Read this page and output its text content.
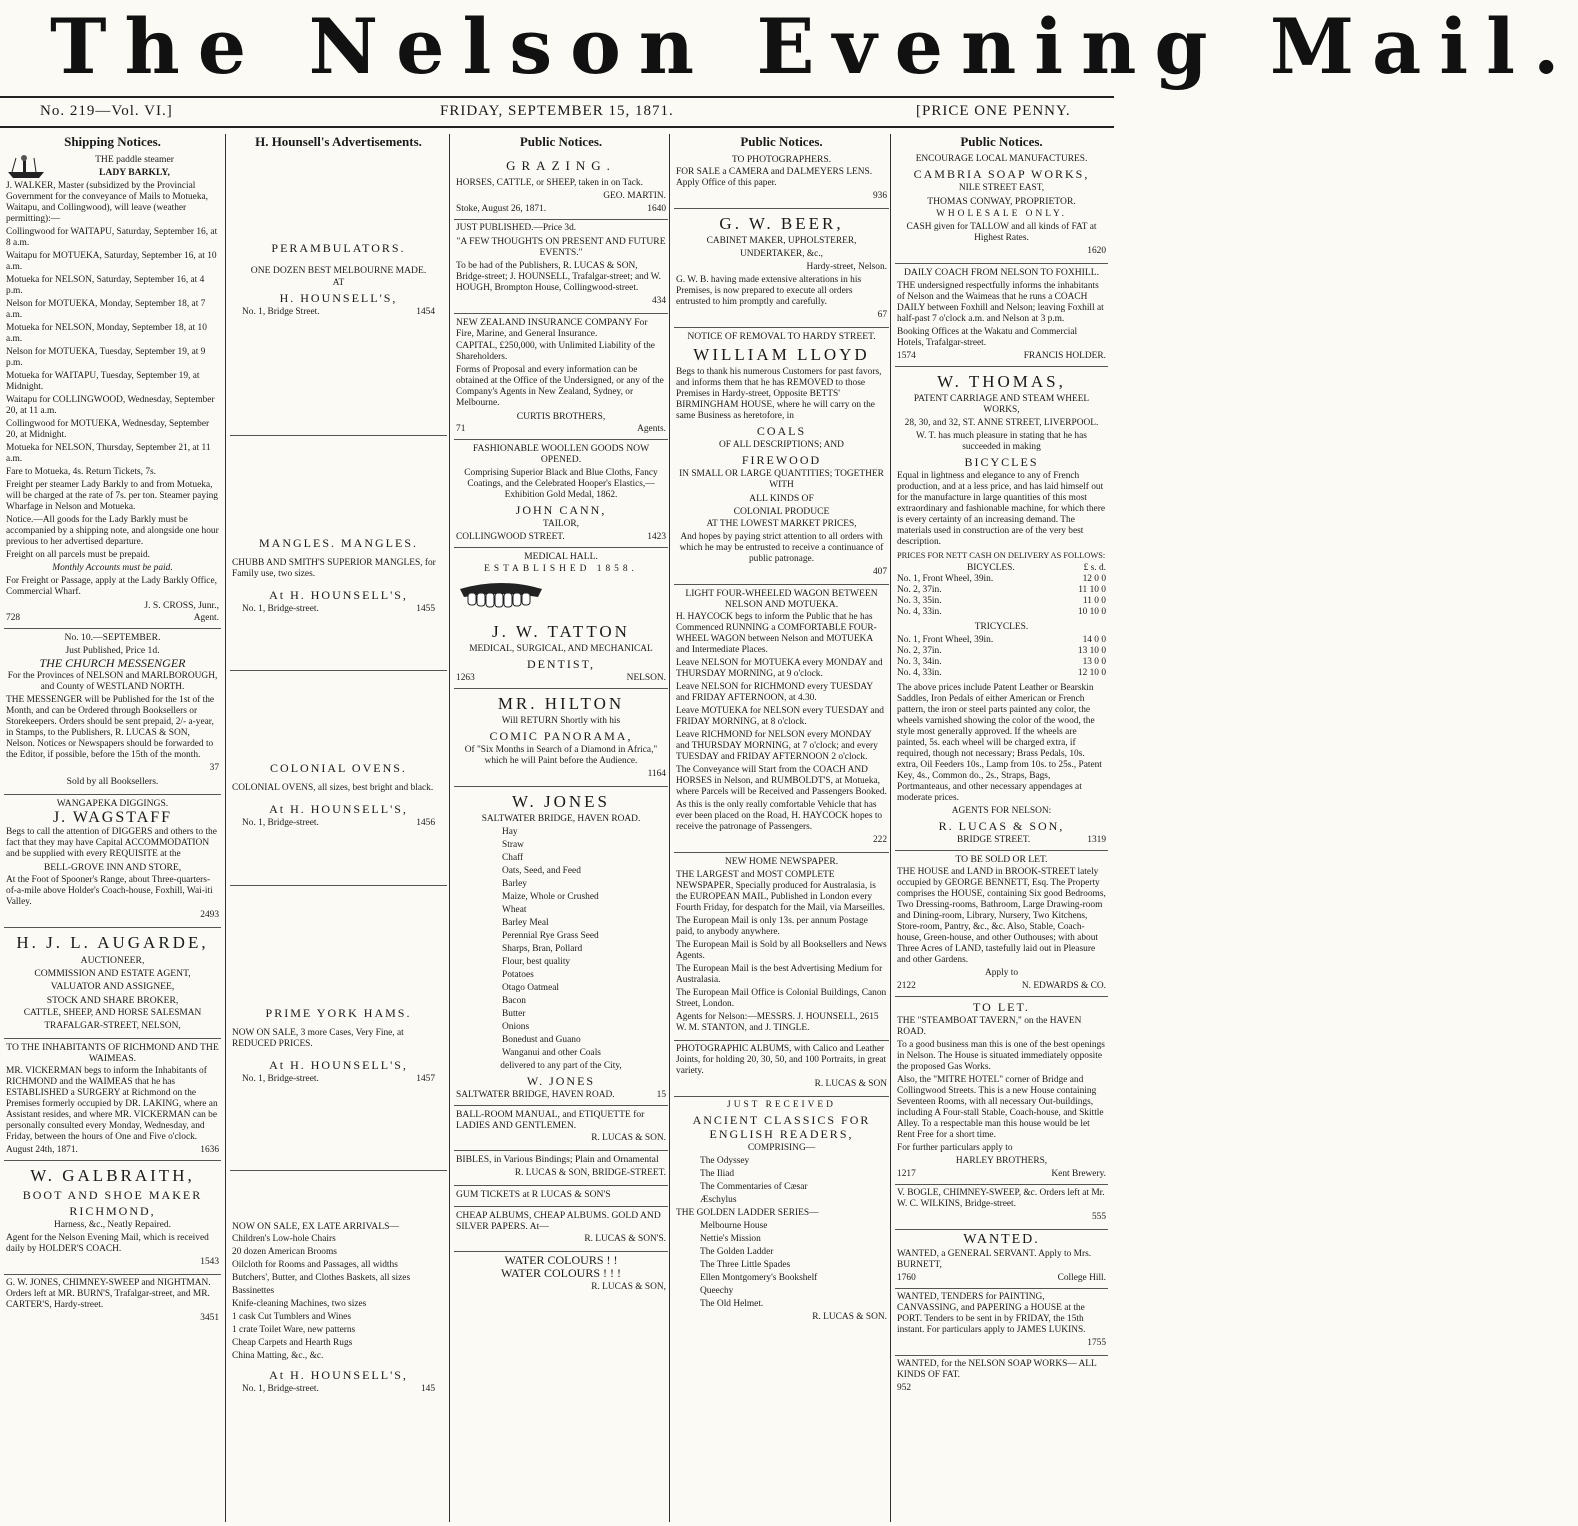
The Nelson Evening Mail.
No. 219—Vol. VI.]	FRIDAY, SEPTEMBER 15, 1871.	[PRICE ONE PENNY.
Shipping Notices.

THE paddle steamer

LADY BARKLY,

J. WALKER, Master (subsidized by the Provincial Government for the conveyance of Mails to Motueka, Waitapu, and Collingwood), will leave (weather permitting):—

Collingwood for WAITAPU, Saturday, September 16, at 8 a.m.

Waitapu for MOTUEKA, Saturday, September 16, at 10 a.m.

Motueka for NELSON, Saturday, September 16, at 4 p.m.

Nelson for MOTUEKA, Monday, September 18, at 7 a.m.

Motueka for NELSON, Monday, September 18, at 10 a.m.

Nelson for MOTUEKA, Tuesday, September 19, at 9 p.m.

Motueka for WAITAPU, Tuesday, September 19, at Midnight.

Waitapu for COLLINGWOOD, Wednesday, September 20, at 11 a.m.

Collingwood for MOTUEKA, Wednesday, September 20, at Midnight.

Motueka for NELSON, Thursday, September 21, at 11 a.m.

Fare to Motueka, 4s. Return Tickets, 7s.

Freight per steamer Lady Barkly to and from Motueka, will be charged at the rate of 7s. per ton. Steamer paying Wharfage in Nelson and Motueka.

Notice.—All goods for the Lady Barkly must be accompanied by a shipping note, and alongside one hour previous to her advertised departure.

Freight on all parcels must be prepaid.

Monthly Accounts must be paid.

For Freight or Passage, apply at the Lady Barkly Office, Commercial Wharf.

J. S. CROSS, Junr.,

728	Agent.

No. 10.—SEPTEMBER.

Just Published, Price 1d.

THE CHURCH MESSENGER

For the Provinces of NELSON and MARLBOROUGH, and County of WESTLAND NORTH.

THE MESSENGER will be Published for the 1st of the Month, and can be Ordered through Booksellers or Storekeepers. Orders should be sent prepaid, 2/- a-year, in Stamps, to the Publishers, R. LUCAS & SON, Nelson. Notices or Newspapers should be forwarded to the Editor, if possible, before the 15th of the month.

37

Sold by all Booksellers.

WANGAPEKA DIGGINGS.

J. WAGSTAFF

Begs to call the attention of DIGGERS and others to the fact that they may have Capital ACCOMMODATION and be supplied with every REQUISITE at the

BELL-GROVE INN AND STORE,

At the Foot of Spooner's Range, about Three-quarters-of-a-mile above Holder's Coach-house, Foxhill, Wai-iti Valley.

2493

H. J. L. AUGARDE,

AUCTIONEER,

COMMISSION AND ESTATE AGENT,

VALUATOR AND ASSIGNEE,

STOCK AND SHARE BROKER,

CATTLE, SHEEP, AND HORSE SALESMAN

TRAFALGAR-STREET, NELSON,

TO THE INHABITANTS OF RICHMOND AND THE WAIMEAS.

MR. VICKERMAN begs to inform the Inhabitants of RICHMOND and the WAIMEAS that he has ESTABLISHED a SURGERY at Richmond on the Premises formerly occupied by DR. LAKING, where an Assistant resides, and where MR. VICKERMAN can be personally consulted every Monday, Wednesday, and Friday, between the hours of One and Five o'clock.

August 24th, 1871.	1636

W. GALBRAITH,

BOOT AND SHOE MAKER

RICHMOND,

Harness, &c., Neatly Repaired.

Agent for the Nelson Evening Mail, which is received daily by HOLDER'S COACH.

1543

G. W. JONES, CHIMNEY-SWEEP and NIGHTMAN. Orders left at MR. BURN'S, Trafalgar-street, and MR. CARTER'S, Hardy-street.

3451

H. Hounsell's Advertisements.

PERAMBULATORS.

ONE DOZEN BEST MELBOURNE MADE.

AT

H. HOUNSELL'S,

No. 1, Bridge Street.	1454

MANGLES. MANGLES.

CHUBB AND SMITH'S SUPERIOR MANGLES, for Family use, two sizes.

At H. HOUNSELL'S,

No. 1, Bridge-street.	1455

COLONIAL OVENS.

COLONIAL OVENS, all sizes, best bright and black.

At H. HOUNSELL'S,

No. 1, Bridge-street.	1456

PRIME YORK HAMS.

NOW ON SALE, 3 more Cases, Very Fine, at REDUCED PRICES.

At H. HOUNSELL'S,

No. 1, Bridge-street.	1457

NOW ON SALE, EX LATE ARRIVALS—

Children's Low-hole Chairs

20 dozen American Brooms

Oilcloth for Rooms and Passages, all widths

Butchers', Butter, and Clothes Baskets, all sizes

Bassinettes

Knife-cleaning Machines, two sizes

1 cask Cut Tumblers and Wines

1 crate Toilet Ware, new patterns

Cheap Carpets and Hearth Rugs

China Matting, &c., &c.

At H. HOUNSELL'S,

No. 1, Bridge-street.	145
Public Notices.

GRAZING.

HORSES, CATTLE, or SHEEP, taken in on Tack.

GEO. MARTIN.

Stoke, August 26, 1871.	1640

JUST PUBLISHED.—Price 3d.

"A FEW THOUGHTS ON PRESENT AND FUTURE EVENTS."

To be had of the Publishers, R. LUCAS & SON, Bridge-street; J. HOUNSELL, Trafalgar-street; and W. HOUGH, Brompton House, Collingwood-street.

434

NEW ZEALAND INSURANCE COMPANY For Fire, Marine, and General Insurance.

CAPITAL, £250,000, with Unlimited Liability of the Shareholders.

Forms of Proposal and every information can be obtained at the Office of the Undersigned, or any of the Company's Agents in New Zealand, Sydney, or Melbourne.

CURTIS BROTHERS,

71	Agents.

FASHIONABLE WOOLLEN GOODS NOW OPENED.

Comprising Superior Black and Blue Cloths, Fancy Coatings, and the Celebrated Hooper's Elastics,—Exhibition Gold Medal, 1862.

JOHN CANN,

TAILOR,

COLLINGWOOD STREET.	1423

MEDICAL HALL.

ESTABLISHED 1858.

J. W. TATTON

MEDICAL, SURGICAL, AND MECHANICAL

DENTIST,

1263	NELSON.

MR. HILTON

Will RETURN Shortly with his

COMIC PANORAMA,

Of "Six Months in Search of a Diamond in Africa," which he will Paint before the Audience.

1164

W. JONES

SALTWATER BRIDGE, HAVEN ROAD.

Hay

Straw

Chaff

Oats, Seed, and Feed

Barley

Maize, Whole or Crushed

Wheat

Barley Meal

Perennial Rye Grass Seed

Sharps, Bran, Pollard

Flour, best quality

Potatoes

Otago Oatmeal

Bacon

Butter

Onions

Bonedust and Guano

Wanganui and other Coals

delivered to any part of the City,

W. JONES

SALTWATER BRIDGE, HAVEN ROAD.	15

BALL-ROOM MANUAL, and ETIQUETTE for LADIES AND GENTLEMEN.

R. LUCAS & SON.

BIBLES, in Various Bindings; Plain and Ornamental

R. LUCAS & SON, BRIDGE-STREET.

GUM TICKETS at R LUCAS & SON'S

CHEAP ALBUMS, CHEAP ALBUMS. GOLD AND SILVER PAPERS. At—

R. LUCAS & SON'S.

WATER COLOURS ! !

WATER COLOURS ! ! !

R. LUCAS & SON,

Public Notices.

TO PHOTOGRAPHERS.

FOR SALE a CAMERA and DALMEYERS LENS. Apply Office of this paper.

936

G. W. BEER,

CABINET MAKER, UPHOLSTERER,

UNDERTAKER, &c.,

Hardy-street, Nelson.

G. W. B. having made extensive alterations in his Premises, is now prepared to execute all orders entrusted to him promptly and carefully.

67

NOTICE OF REMOVAL TO HARDY STREET.

WILLIAM LLOYD

Begs to thank his numerous Customers for past favors, and informs them that he has REMOVED to those Premises in Hardy-street, Opposite BETTS' BIRMINGHAM HOUSE, where he will carry on the same Business as heretofore, in

COALS

OF ALL DESCRIPTIONS; AND

FIREWOOD

IN SMALL OR LARGE QUANTITIES; TOGETHER WITH

ALL KINDS OF

COLONIAL PRODUCE

AT THE LOWEST MARKET PRICES,

And hopes by paying strict attention to all orders with which he may be entrusted to receive a continuance of public patronage.

407

LIGHT FOUR-WHEELED WAGON BETWEEN NELSON AND MOTUEKA.

H. HAYCOCK begs to inform the Public that he has Commenced RUNNING a COMFORTABLE FOUR-WHEEL WAGON between Nelson and MOTUEKA and Intermediate Places.

Leave NELSON for MOTUEKA every MONDAY and THURSDAY MORNING, at 9 o'clock.

Leave NELSON for RICHMOND every TUESDAY and FRIDAY AFTERNOON, at 4.30.

Leave MOTUEKA for NELSON every TUESDAY and FRIDAY MORNING, at 8 o'clock.

Leave RICHMOND for NELSON every MONDAY and THURSDAY MORNING, at 7 o'clock; and every TUESDAY and FRIDAY AFTERNOON 2 o'clock.

The Conveyance will Start from the COACH AND HORSES in Nelson, and RUMBOLDT'S, at Motueka, where Parcels will be Received and Passengers Booked.

As this is the only really comfortable Vehicle that has ever been placed on the Road, H. HAYCOCK hopes to receive the patronage of Passengers.

222

NEW HOME NEWSPAPER.

THE LARGEST and MOST COMPLETE NEWSPAPER, Specially produced for Australasia, is the EUROPEAN MAIL, Published in London every Fourth Friday, for despatch for the Mail, via Marseilles.

The European Mail is only 13s. per annum Postage paid, to anybody anywhere.

The European Mail is Sold by all Booksellers and News Agents.

The European Mail is the best Advertising Medium for Australasia.

The European Mail Office is Colonial Buildings, Canon Street, London.

Agents for Nelson:—MESSRS. J. HOUNSELL, 2615 W. M. STANTON, and J. TINGLE.

PHOTOGRAPHIC ALBUMS, with Calico and Leather Joints, for holding 20, 30, 50, and 100 Portraits, in great variety.

R. LUCAS & SON

JUST RECEIVED

ANCIENT CLASSICS FOR ENGLISH READERS,

COMPRISING—

The Odyssey

The Iliad

The Commentaries of Cæsar

Æschylus

THE GOLDEN LADDER SERIES—

Melbourne House

Nettie's Mission

The Golden Ladder

The Three Little Spades

Ellen Montgomery's Bookshelf

Queechy

The Old Helmet.

R. LUCAS & SON.

Public Notices.

ENCOURAGE LOCAL MANUFACTURES.

CAMBRIA SOAP WORKS,

NILE STREET EAST,

THOMAS CONWAY, PROPRIETOR.

WHOLESALE ONLY.

CASH given for TALLOW and all kinds of FAT at Highest Rates.

1620

DAILY COACH FROM NELSON TO FOXHILL.

THE undersigned respectfully informs the inhabitants of Nelson and the Waimeas that he runs a COACH DAILY between Foxhill and Nelson; leaving Foxhill at half-past 7 o'clock a.m. and Nelson at 3 p.m.

Booking Offices at the Wakatu and Commercial Hotels, Trafalgar-street.

1574	FRANCIS HOLDER.

W. THOMAS,

PATENT CARRIAGE AND STEAM WHEEL WORKS,

28, 30, and 32, ST. ANNE STREET, LIVERPOOL.

W. T. has much pleasure in stating that he has succeeded in making

BICYCLES

Equal in lightness and elegance to any of French production, and at a less price, and has laid himself out for the manufacture in large quantities of this most extraordinary and fashionable machine, for which there is every certainty of an increasing demand. The materials used in construction are of the very best description.

PRICES FOR NETT CASH ON DELIVERY AS FOLLOWS:

BICYCLES.	£ s. d.
No. 1, Front Wheel, 39in.	12 0 0
No. 2, 37in.	11 10 0
No. 3, 35in.	11 0 0
No. 4, 33in.	10 10 0

TRICYCLES.

No. 1, Front Wheel, 39in.	14 0 0
No. 2, 37in.	13 10 0
No. 3, 34in.	13 0 0
No. 4, 33in.	12 10 0

The above prices include Patent Leather or Bearskin Saddles, Iron Pedals of either American or French pattern, the iron or steel parts painted any color, the wheels varnished showing the color of the wood, the style most generally approved. If the wheels are painted, 5s. each wheel will be charged extra, if required, though not necessary; Brass Pedals, 10s. extra, Oil Feeders 10s., Lamp from 10s. to 25s., Patent Key, 4s., Common do., 2s., Straps, Bags, Portmanteaus, and other necessary appendages at moderate prices.

AGENTS FOR NELSON:

R. LUCAS & SON,

BRIDGE STREET.	1319

TO BE SOLD OR LET.

THE HOUSE and LAND in BROOK-STREET lately occupied by GEORGE BENNETT, Esq. The Property comprises the HOUSE, containing Six good Bedrooms, Two Dressing-rooms, Bathroom, Large Drawing-room and Dining-room, Library, Nursery, Two Kitchens, Store-room, Pantry, &c., &c. Also, Stable, Coach-house, Green-house, and other Outhouses; with about Three Acres of LAND, tastefully laid out in Pleasure and other Gardens.

Apply to

2122	N. EDWARDS & CO.

TO LET.

THE "STEAMBOAT TAVERN," on the HAVEN ROAD.

To a good business man this is one of the best openings in Nelson. The House is situated immediately opposite the proposed Gas Works.

Also, the "MITRE HOTEL" corner of Bridge and Collingwood Streets. This is a new House containing Seventeen Rooms, with all necessary Out-buildings, including A Four-stall Stable, Coach-house, and Skittle Alley. To a respectable man this house would be let Rent Free for a short time.

For further particulars apply to

HARLEY BROTHERS,

1217	Kent Brewery.

V. BOGLE, CHIMNEY-SWEEP, &c. Orders left at Mr. W. C. WILKINS, Bridge-street.

555

WANTED.

WANTED, a GENERAL SERVANT. Apply to Mrs. BURNETT,

1760	College Hill.

WANTED, TENDERS for PAINTING, CANVASSING, and PAPERING a HOUSE at the PORT. Tenders to be sent in by FRIDAY, the 15th instant. For particulars apply to JAMES LUKINS.

1755

WANTED, for the NELSON SOAP WORKS— ALL KINDS OF FAT.

952
